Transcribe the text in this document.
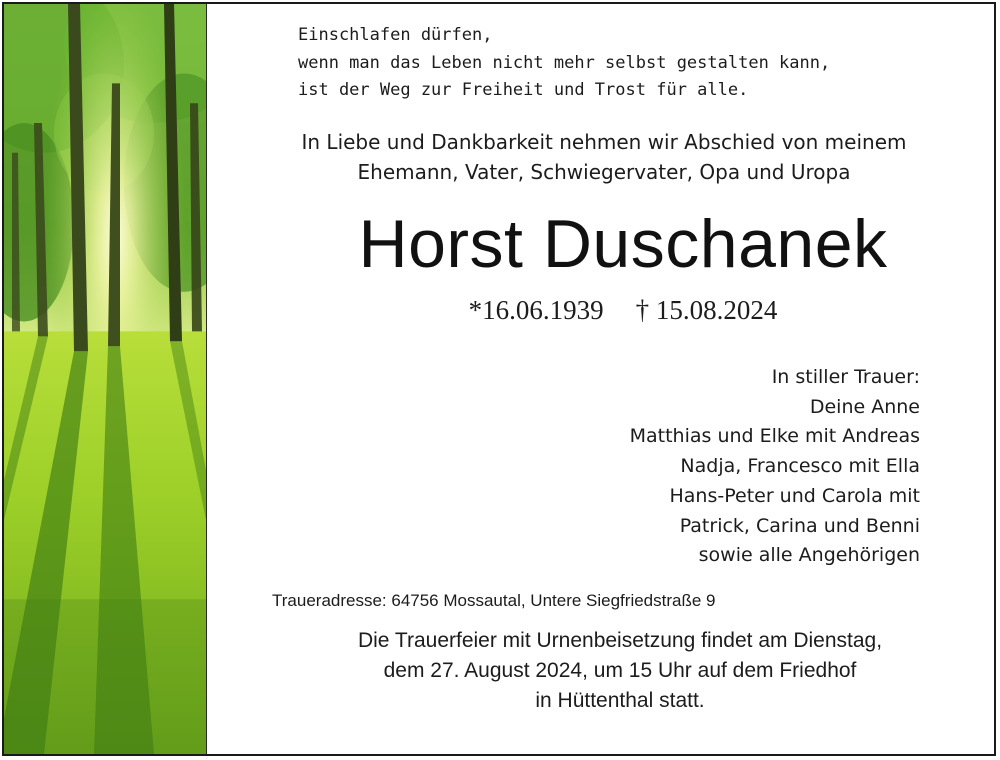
Einschlafen dürfen,
wenn man das Leben nicht mehr selbst gestalten kann,
ist der Weg zur Freiheit und Trost für alle.
In Liebe und Dankbarkeit nehmen wir Abschied von meinem
Ehemann, Vater, Schwiegervater, Opa und Uropa
Horst Duschanek
*16.06.1939 † 15.08.2024
In stiller Trauer:
Deine Anne
Matthias und Elke mit Andreas
Nadja, Francesco mit Ella
Hans-Peter und Carola mit
Patrick, Carina und Benni
sowie alle Angehörigen
Traueradresse: 64756 Mossautal, Untere Siegfriedstraße 9
Die Trauerfeier mit Urnenbeisetzung findet am Dienstag,
dem 27. August 2024, um 15 Uhr auf dem Friedhof
in Hüttenthal statt.
